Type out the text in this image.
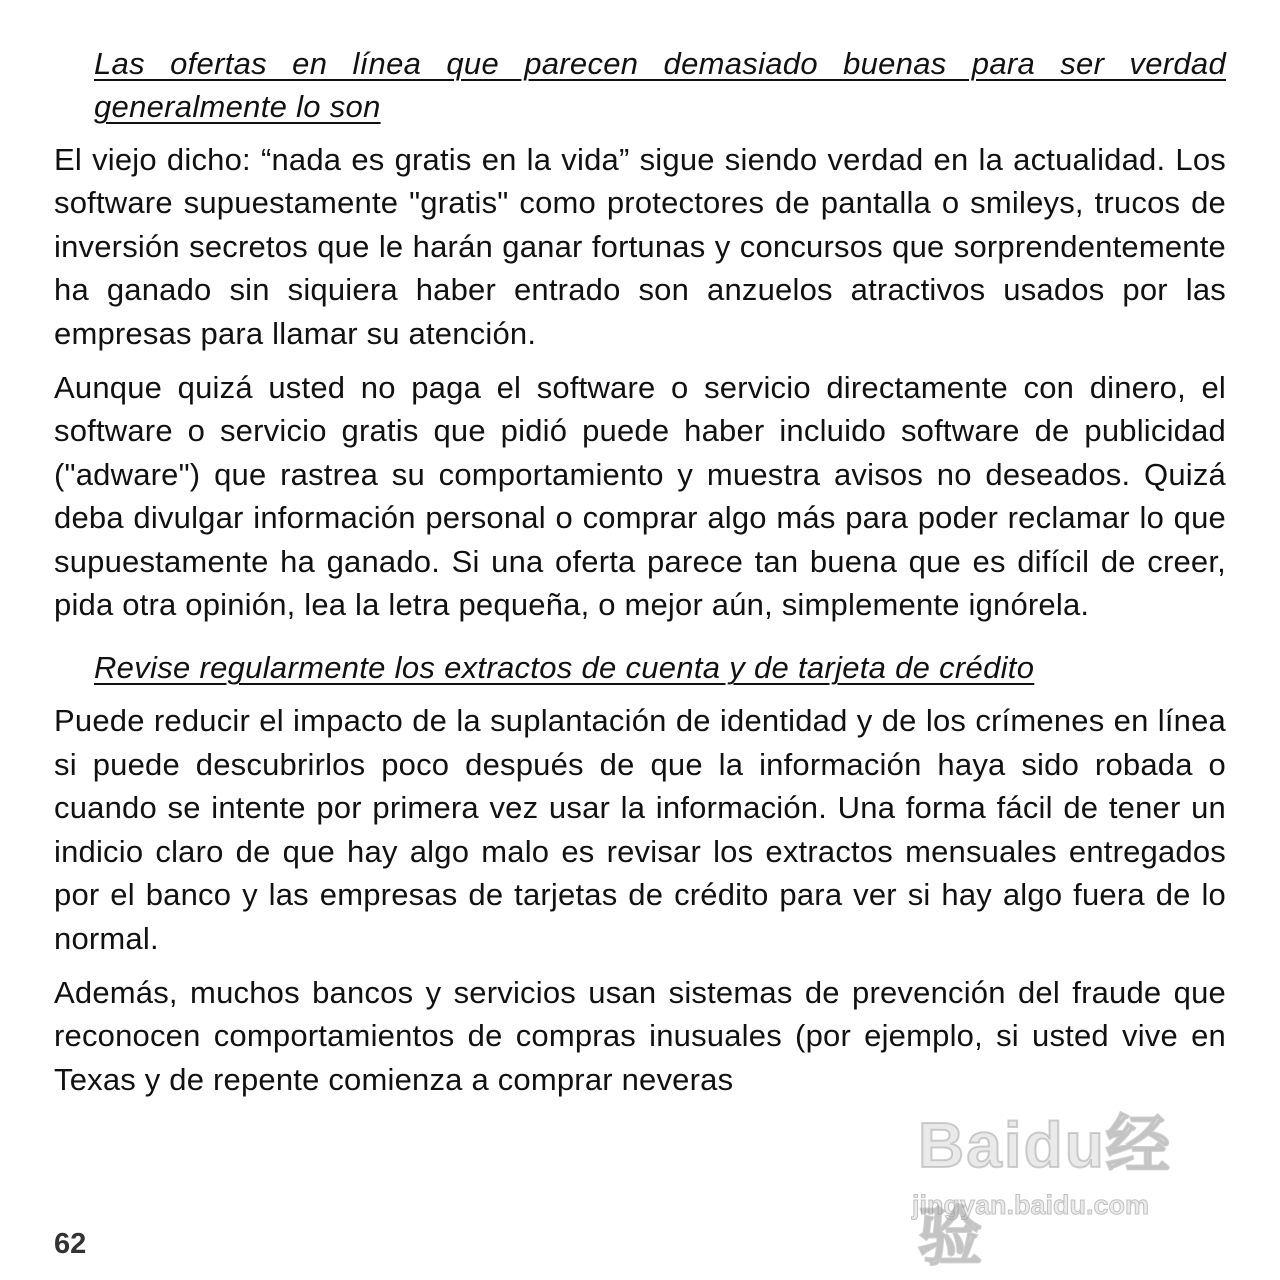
Las ofertas en línea que parecen demasiado buenas para ser verdad generalmente lo son

El viejo dicho: “nada es gratis en la vida” sigue siendo verdad en la actualidad. Los software supuestamente "gratis" como protectores de pantalla o smileys, trucos de inversión secretos que le harán ganar fortunas y concursos que sorprendentemente ha ganado sin siquiera haber entrado son anzuelos atractivos usados por las empresas para llamar su atención.

Aunque quizá usted no paga el software o servicio directamente con dinero, el software o servicio gratis que pidió puede haber incluido software de publicidad ("adware") que rastrea su comportamiento y muestra avisos no deseados. Quizá deba divulgar información personal o comprar algo más para poder reclamar lo que supuestamente ha ganado. Si una oferta parece tan buena que es difícil de creer, pida otra opinión, lea la letra pequeña, o mejor aún, simplemente ignórela.

Revise regularmente los extractos de cuenta y de tarjeta de crédito

Puede reducir el impacto de la suplantación de identidad y de los crímenes en línea si puede descubrirlos poco después de que la información haya sido robada o cuando se intente por primera vez usar la información. Una forma fácil de tener un indicio claro de que hay algo malo es revisar los extractos mensuales entregados por el banco y las empresas de tarjetas de crédito para ver si hay algo fuera de lo normal.

Además, muchos bancos y servicios usan sistemas de prevención del fraude que reconocen comportamientos de compras inusuales (por ejemplo, si usted vive en Texas y de repente comienza a comprar neveras

62
Baidu经验
jingyan.baidu.com
